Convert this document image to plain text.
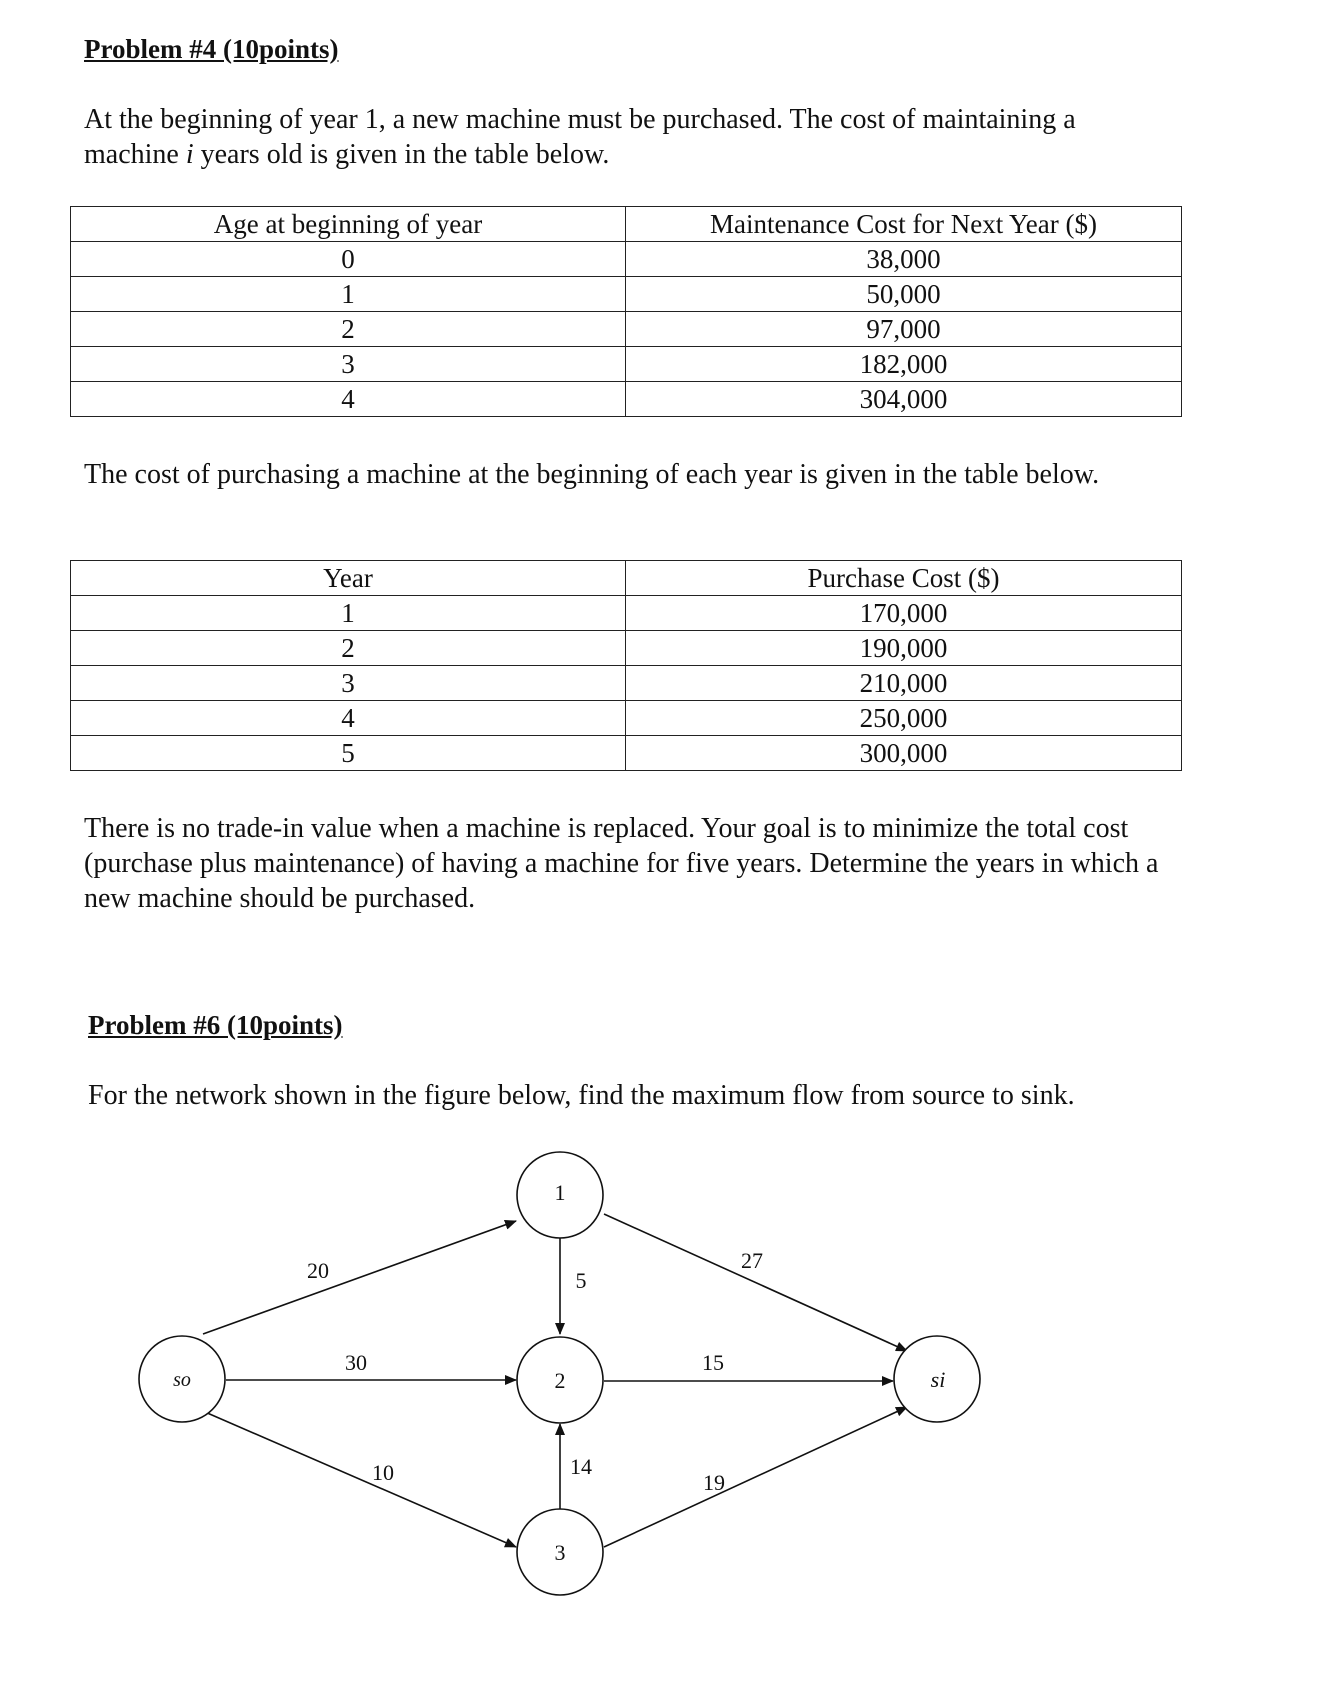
Problem #4 (10points)
At the beginning of year 1, a new machine must be purchased. The cost of maintaining a machine i years old is given in the table below.
Age at beginning of year	Maintenance Cost for Next Year ($)
0	38,000
1	50,000
2	97,000
3	182,000
4	304,000
The cost of purchasing a machine at the beginning of each year is given in the table below.
Year	Purchase Cost ($)
1	170,000
2	190,000
3	210,000
4	250,000
5	300,000
There is no trade-in value when a machine is replaced. Your goal is to minimize the total cost (purchase plus maintenance) of having a machine for five years. Determine the years in which a new machine should be purchased.
Problem #6 (10points)
For the network shown in the figure below, find the maximum flow from source to sink.
so
1
2
3
si
20
30
10
5
14
27
15
19
